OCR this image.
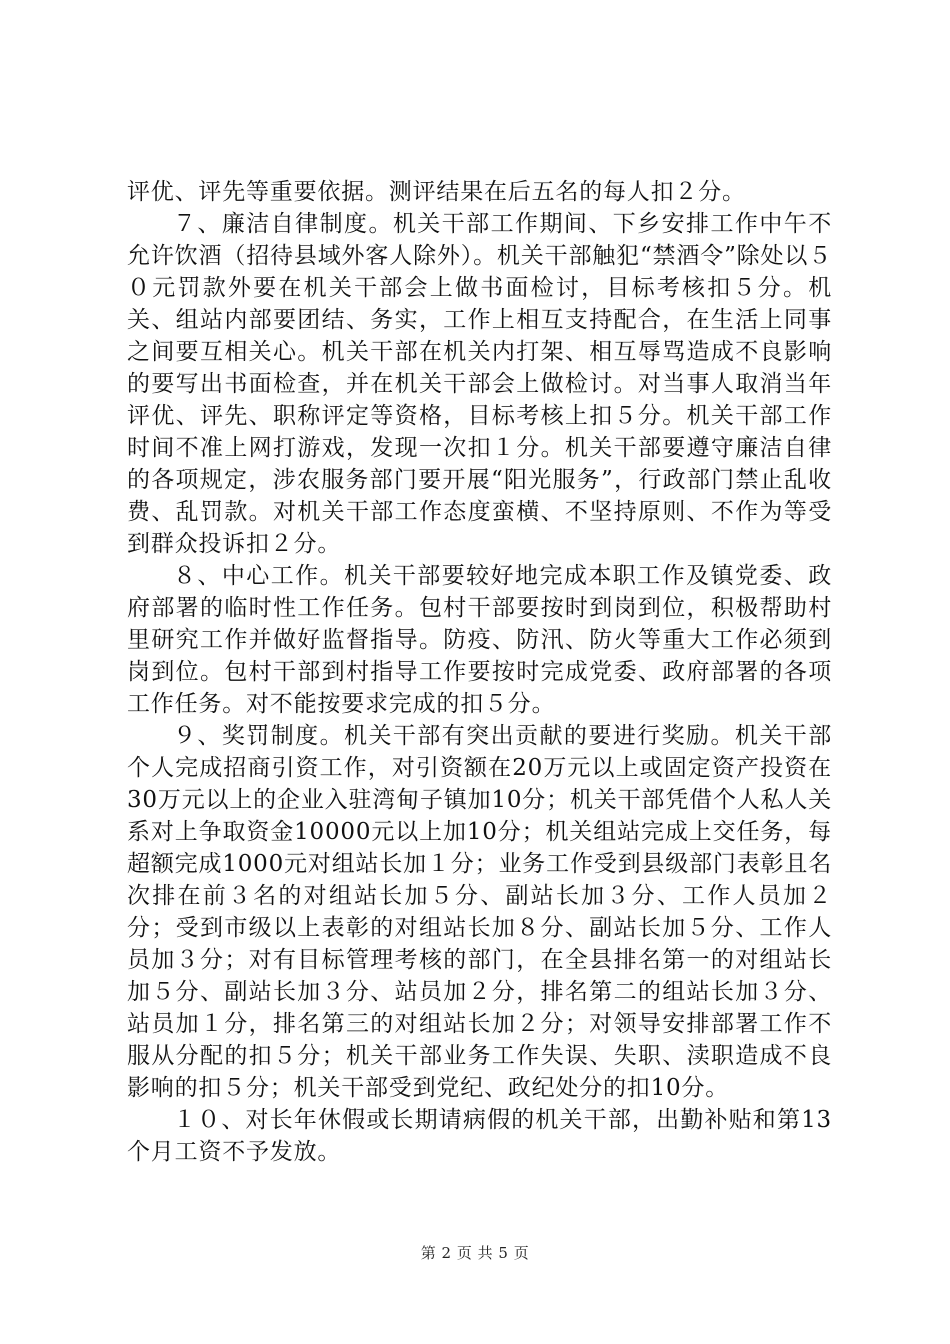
评优、评先等重要依据。测评结果在后五名的每人扣２分。

７、廉洁自律制度。机关干部工作期间、下乡安排工作中午不允许饮酒（招待县域外客人除外）。机关干部触犯“禁酒令”除处以５０元罚款外要在机关干部会上做书面检讨，目标考核扣５分。机关、组站内部要团结、务实，工作上相互支持配合，在生活上同事之间要互相关心。机关干部在机关内打架、相互辱骂造成不良影响的要写出书面检查，并在机关干部会上做检讨。对当事人取消当年评优、评先、职称评定等资格，目标考核上扣５分。机关干部工作时间不准上网打游戏，发现一次扣１分。机关干部要遵守廉洁自律的各项规定，涉农服务部门要开展“阳光服务”，行政部门禁止乱收费、乱罚款。对机关干部工作态度蛮横、不坚持原则、不作为等受到群众投诉扣２分。

８、中心工作。机关干部要较好地完成本职工作及镇党委、政府部署的临时性工作任务。包村干部要按时到岗到位，积极帮助村里研究工作并做好监督指导。防疫、防汛、防火等重大工作必须到岗到位。包村干部到村指导工作要按时完成党委、政府部署的各项工作任务。对不能按要求完成的扣５分。

９、奖罚制度。机关干部有突出贡献的要进行奖励。机关干部个人完成招商引资工作，对引资额在20万元以上或固定资产投资在30万元以上的企业入驻湾甸子镇加10分；机关干部凭借个人私人关系对上争取资金10000元以上加10分；机关组站完成上交任务，每超额完成1000元对组站长加１分；业务工作受到县级部门表彰且名次排在前３名的对组站长加５分、副站长加３分、工作人员加２分；受到市级以上表彰的对组站长加８分、副站长加５分、工作人员加３分；对有目标管理考核的部门，在全县排名第一的对组站长加５分、副站长加３分、站员加２分，排名第二的组站长加３分、站员加１分，排名第三的对组站长加２分；对领导安排部署工作不服从分配的扣５分；机关干部业务工作失误、失职、渎职造成不良影响的扣５分；机关干部受到党纪、政纪处分的扣10分。

１０、对长年休假或长期请病假的机关干部，出勤补贴和第13个月工资不予发放。

第 2 页 共 5 页
